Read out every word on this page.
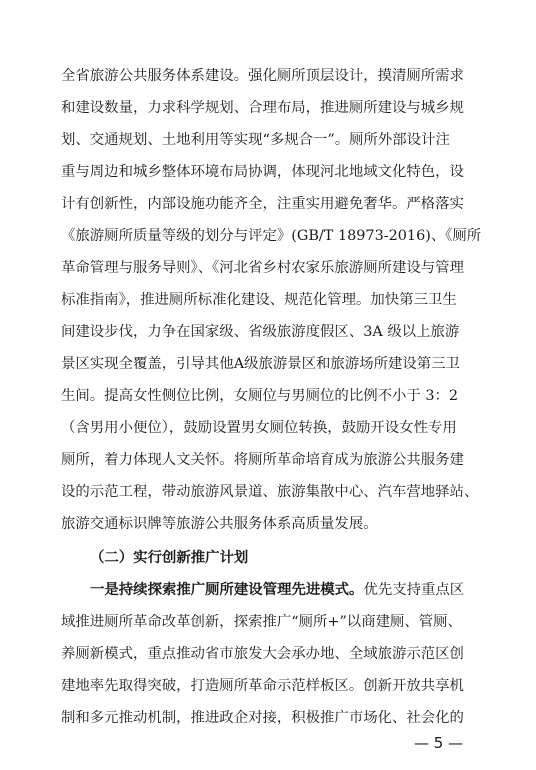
全省旅游公共服务体系建设。强化厕所顶层设计，摸清厕所需求
和建设数量，力求科学规划、合理布局，推进厕所建设与城乡规
划、交通规划、土地利用等实现“多规合一”。厕所外部设计注
重与周边和城乡整体环境布局协调，体现河北地域文化特色，设
计有创新性，内部设施功能齐全，注重实用避免奢华。严格落实
《旅游厕所质量等级的划分与评定》(GB/T 18973-2016)、《厕所
革命管理与服务导则》、《河北省乡村农家乐旅游厕所建设与管理
标准指南》，推进厕所标准化建设、规范化管理。加快第三卫生
间建设步伐，力争在国家级、省级旅游度假区、3A 级以上旅游
景区实现全覆盖，引导其他A级旅游景区和旅游场所建设第三卫
生间。提高女性侧位比例，女厕位与男厕位的比例不小于 3：2
（含男用小便位），鼓励设置男女厕位转换，鼓励开设女性专用
厕所，着力体现人文关怀。将厕所革命培育成为旅游公共服务建
设的示范工程，带动旅游风景道、旅游集散中心、汽车营地驿站、
旅游交通标识牌等旅游公共服务体系高质量发展。
（二）实行创新推广计划
一是持续探索推广厕所建设管理先进模式。优先支持重点区
域推进厕所革命改革创新，探索推广“厕所+”以商建厕、管厕、
养厕新模式，重点推动省市旅发大会承办地、全域旅游示范区创
建地率先取得突破，打造厕所革命示范样板区。创新开放共享机
制和多元推动机制，推进政企对接，积极推广市场化、社会化的
— 5 —
